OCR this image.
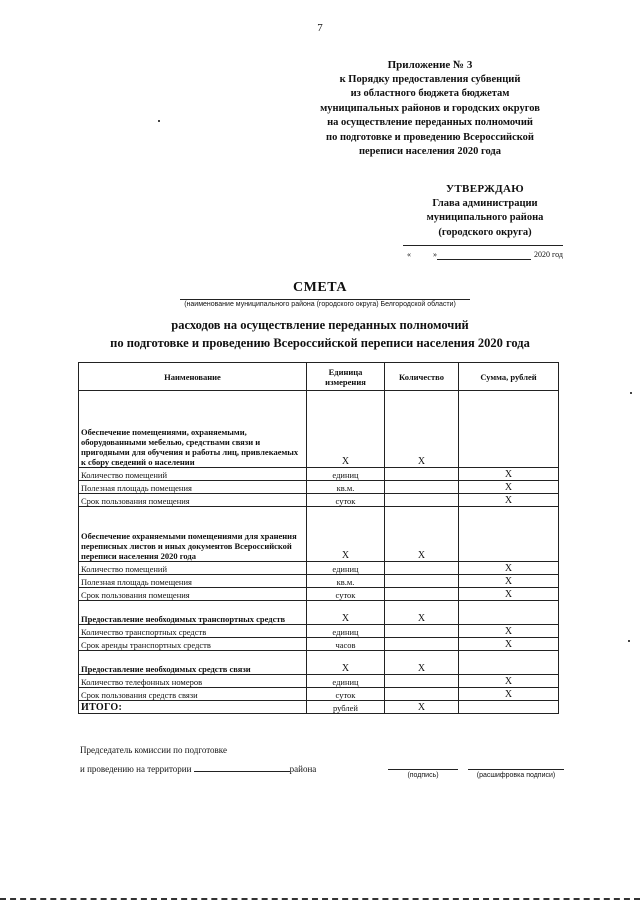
7
Приложение № 3
к Порядку предоставления субвенций
из областного бюджета бюджетам
муниципальных районов и городских округов
на осуществление переданных полномочий
по подготовке и проведению Всероссийской
переписи населения 2020 года
УТВЕРЖДАЮ
Глава администрации
муниципального района
(городского округа)
«	»	2020 год
СМЕТА
(наименование муниципального района (городского округа) Белгородской области)
расходов на осуществление переданных полномочий
по подготовке и проведению Всероссийской переписи населения 2020 года
Наименование	Единица измерения	Количество	Сумма, рублей
Обеспечение помещениями, охраняемыми, оборудованными мебелью, средствами связи и пригодными для обучения и работы лиц, привлекаемых к сбору сведений о населении	Х	Х	
Количество помещений	единиц		Х
Полезная площадь помещения	кв.м.		Х
Срок пользования помещения	суток		Х
Обеспечение охраняемыми помещениями для хранения переписных листов и иных документов Всероссийской переписи населения 2020 года	Х	Х	
Количество помещений	единиц		Х
Полезная площадь помещения	кв.м.		Х
Срок пользования помещения	суток		Х
Предоставление необходимых транспортных средств	Х	Х	
Количество транспортных средств	единиц		Х
Срок аренды транспортных средств	часов		Х
Предоставление необходимых средств связи	Х	Х	
Количество телефонных номеров	единиц		Х
Срок пользования средств связи	суток		Х
ИТОГО:	рублей	Х	
Председатель комиссии по подготовке
и проведению на территории	района
(подпись)	(расшифровка подписи)
